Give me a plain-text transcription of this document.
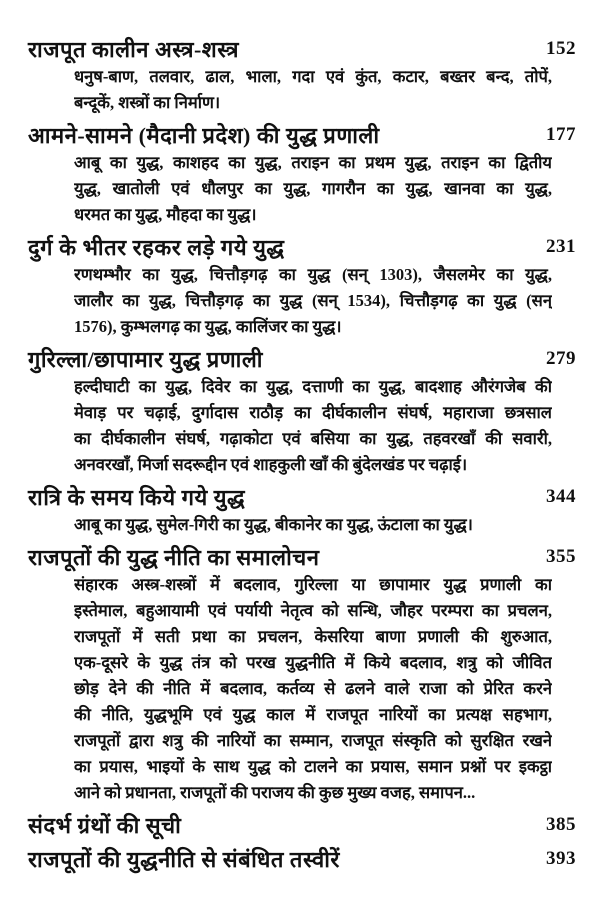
राजपूत कालीन अस्त्र-शस्त्र	152
धनुष-बाण, तलवार, ढाल, भाला, गदा एवं कुंत, कटार, बख्तर बन्द, तोपें,
बन्दूकें, शस्त्रों का निर्माण।
आमने-सामने (मैदानी प्रदेश) की युद्ध प्रणाली	177
आबू का युद्ध, काशहद का युद्ध, तराइन का प्रथम युद्ध, तराइन का द्वितीय
युद्ध, खातोली एवं धौलपुर का युद्ध, गागरौन का युद्ध, खानवा का युद्ध,
धरमत का युद्ध, मौहदा का युद्ध।
दुर्ग के भीतर रहकर लड़े गये युद्ध	231
रणथम्भौर का युद्ध, चित्तौड़गढ़ का युद्ध (सन् 1303), जैसलमेर का युद्ध,
जालौर का युद्ध, चित्तौड़गढ़ का युद्ध (सन् 1534), चित्तौड़गढ़ का युद्ध (सन्
1576), कुम्भलगढ़ का युद्ध, कालिंजर का युद्ध।
गुरिल्ला/छापामार युद्ध प्रणाली	279
हल्दीघाटी का युद्ध, दिवेर का युद्ध, दत्ताणी का युद्ध, बादशाह औरंगजेब की
मेवाड़ पर चढ़ाई, दुर्गादास राठौड़ का दीर्घकालीन संघर्ष, महाराजा छत्रसाल
का दीर्घकालीन संघर्ष, गढ़ाकोटा एवं बसिया का युद्ध, तहवरखाँ की सवारी,
अनवरखाँ, मिर्जा सदरूद्दीन एवं शाहकुली खाँ की बुंदेलखंड पर चढ़ाई।
रात्रि के समय किये गये युद्ध	344
आबू का युद्ध, सुमेल-गिरी का युद्ध, बीकानेर का युद्ध, ऊंटाला का युद्ध।
राजपूतों की युद्ध नीति का समालोचन	355
संहारक अस्त्र-शस्त्रों में बदलाव, गुरिल्ला या छापामार युद्ध प्रणाली का
इस्तेमाल, बहुआयामी एवं पर्यायी नेतृत्व को सन्धि, जौहर परम्परा का प्रचलन,
राजपूतों में सती प्रथा का प्रचलन, केसरिया बाणा प्रणाली की शुरुआत,
एक-दूसरे के युद्ध तंत्र को परख युद्धनीति में किये बदलाव, शत्रु को जीवित
छोड़ देने की नीति में बदलाव, कर्तव्य से ढलने वाले राजा को प्रेरित करने
की नीति, युद्धभूमि एवं युद्ध काल में राजपूत नारियों का प्रत्यक्ष सहभाग,
राजपूतों द्वारा शत्रु की नारियों का सम्मान, राजपूत संस्कृति को सुरक्षित रखने
का प्रयास, भाइयों के साथ युद्ध को टालने का प्रयास, समान प्रश्नों पर इकट्ठा
आने को प्रधानता, राजपूतों की पराजय की कुछ मुख्य वजह, समापन...
संदर्भ ग्रंथों की सूची	385
राजपूतों की युद्धनीति से संबंधित तस्वीरें	393
